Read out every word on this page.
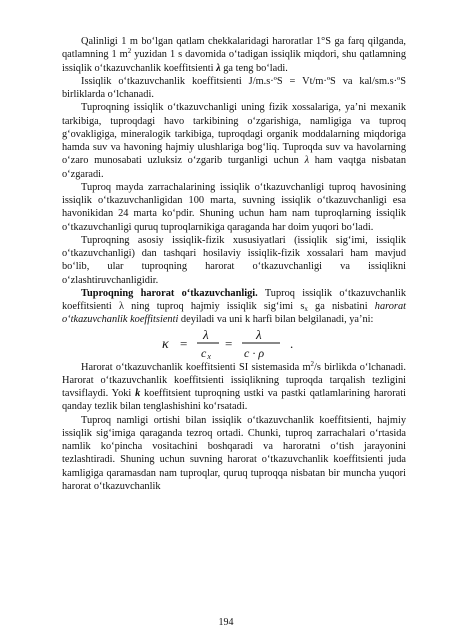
Qalinligi 1 m bo‘lgan qatlam chekkalaridagi haroratlar 1°S ga farq qilganda, qatlamning 1 $m^2$ yuzidan 1 s davomida o‘tadigan issiqlik miqdori, shu qatlamning issiqlik o‘tkazuvchanlik koeffitsienti λ ga teng bo‘ladi.

Issiqlik o‘tkazuvchanlik koeffitsienti J/m.s·ºS = Vt/m·ºS va kal/sm.s·ºS birliklarda o‘lchanadi.

Tuproqning issiqlik o‘tkazuvchanligi uning fizik xossalariga, ya’ni mexanik tarkibiga, tuproqdagi havo tarkibining o‘zgarishiga, namligiga va tuproq g‘ovakligiga, mineralogik tarkibiga, tuproqdagi organik moddalarning miqdoriga hamda suv va havoning hajmiy ulushlariga bog‘liq. Tuproqda suv va havolarning o‘zaro munosabati uzluksiz o‘zgarib turganligi uchun λ ham vaqtga nisbatan o‘zgaradi.

Tuproq mayda zarrachalarining issiqlik o‘tkazuvchanligi tuproq havosining issiqlik o‘tkazuvchanligidan 100 marta, suvning issiqlik o‘tkazuvchanligi esa havonikidan 24 marta ko‘pdir. Shuning uchun ham nam tuproqlarning issiqlik o‘tkazuvchanligi quruq tuproqlarnikiga qaraganda har doim yuqori bo‘ladi.

Tuproqning asosiy issiqlik-fizik xususiyatlari (issiqlik sig‘imi, issiqlik o‘tkazuvchanligi) dan tashqari hosilaviy issiqlik-fizik xossalari ham mavjud bo‘lib, ular tuproqning harorat o‘tkazuvchanligi va issiqlikni o‘zlashtiruvchanligidir.

Tuproqning harorat o‘tkazuvchanligi. Tuproq issiqlik o‘tkazuvchanlik koeffitsienti λ ning tuproq hajmiy issiqlik sig‘imi $s_x$ ga nisbatini harorat o‘tkazuvchanlik koeffitsienti deyiladi va uni k harfi bilan belgilanadi, ya’ni:

κ =
λ
cx
=
λ
c · ρ
.

Harorat o‘tkazuvchanlik koeffitsienti SI sistemasida $m^2/s$ birlikda o‘lchanadi. Harorat o‘tkazuvchanlik koeffitsienti issiqlikning tuproqda tarqalish tezligini tavsiflaydi. Yoki k koeffitsient tuproqning ustki va pastki qatlamlarining harorati qanday tezlik bilan tenglashishini ko‘rsatadi.

Tuproq namligi ortishi bilan issiqlik o‘tkazuvchanlik koeffitsienti, hajmiy issiqlik sig‘imiga qaraganda tezroq ortadi. Chunki, tuproq zarrachalari o‘rtasida namlik ko‘pincha vositachini boshqaradi va haroratni o‘tish jarayonini tezlashtiradi. Shuning uchun suvning harorat o‘tkazuvchanlik koeffitsienti juda kamligiga qaramasdan nam tuproqlar, quruq tuproqqa nisbatan bir muncha yuqori harorat o‘tkazuvchanlik

194
